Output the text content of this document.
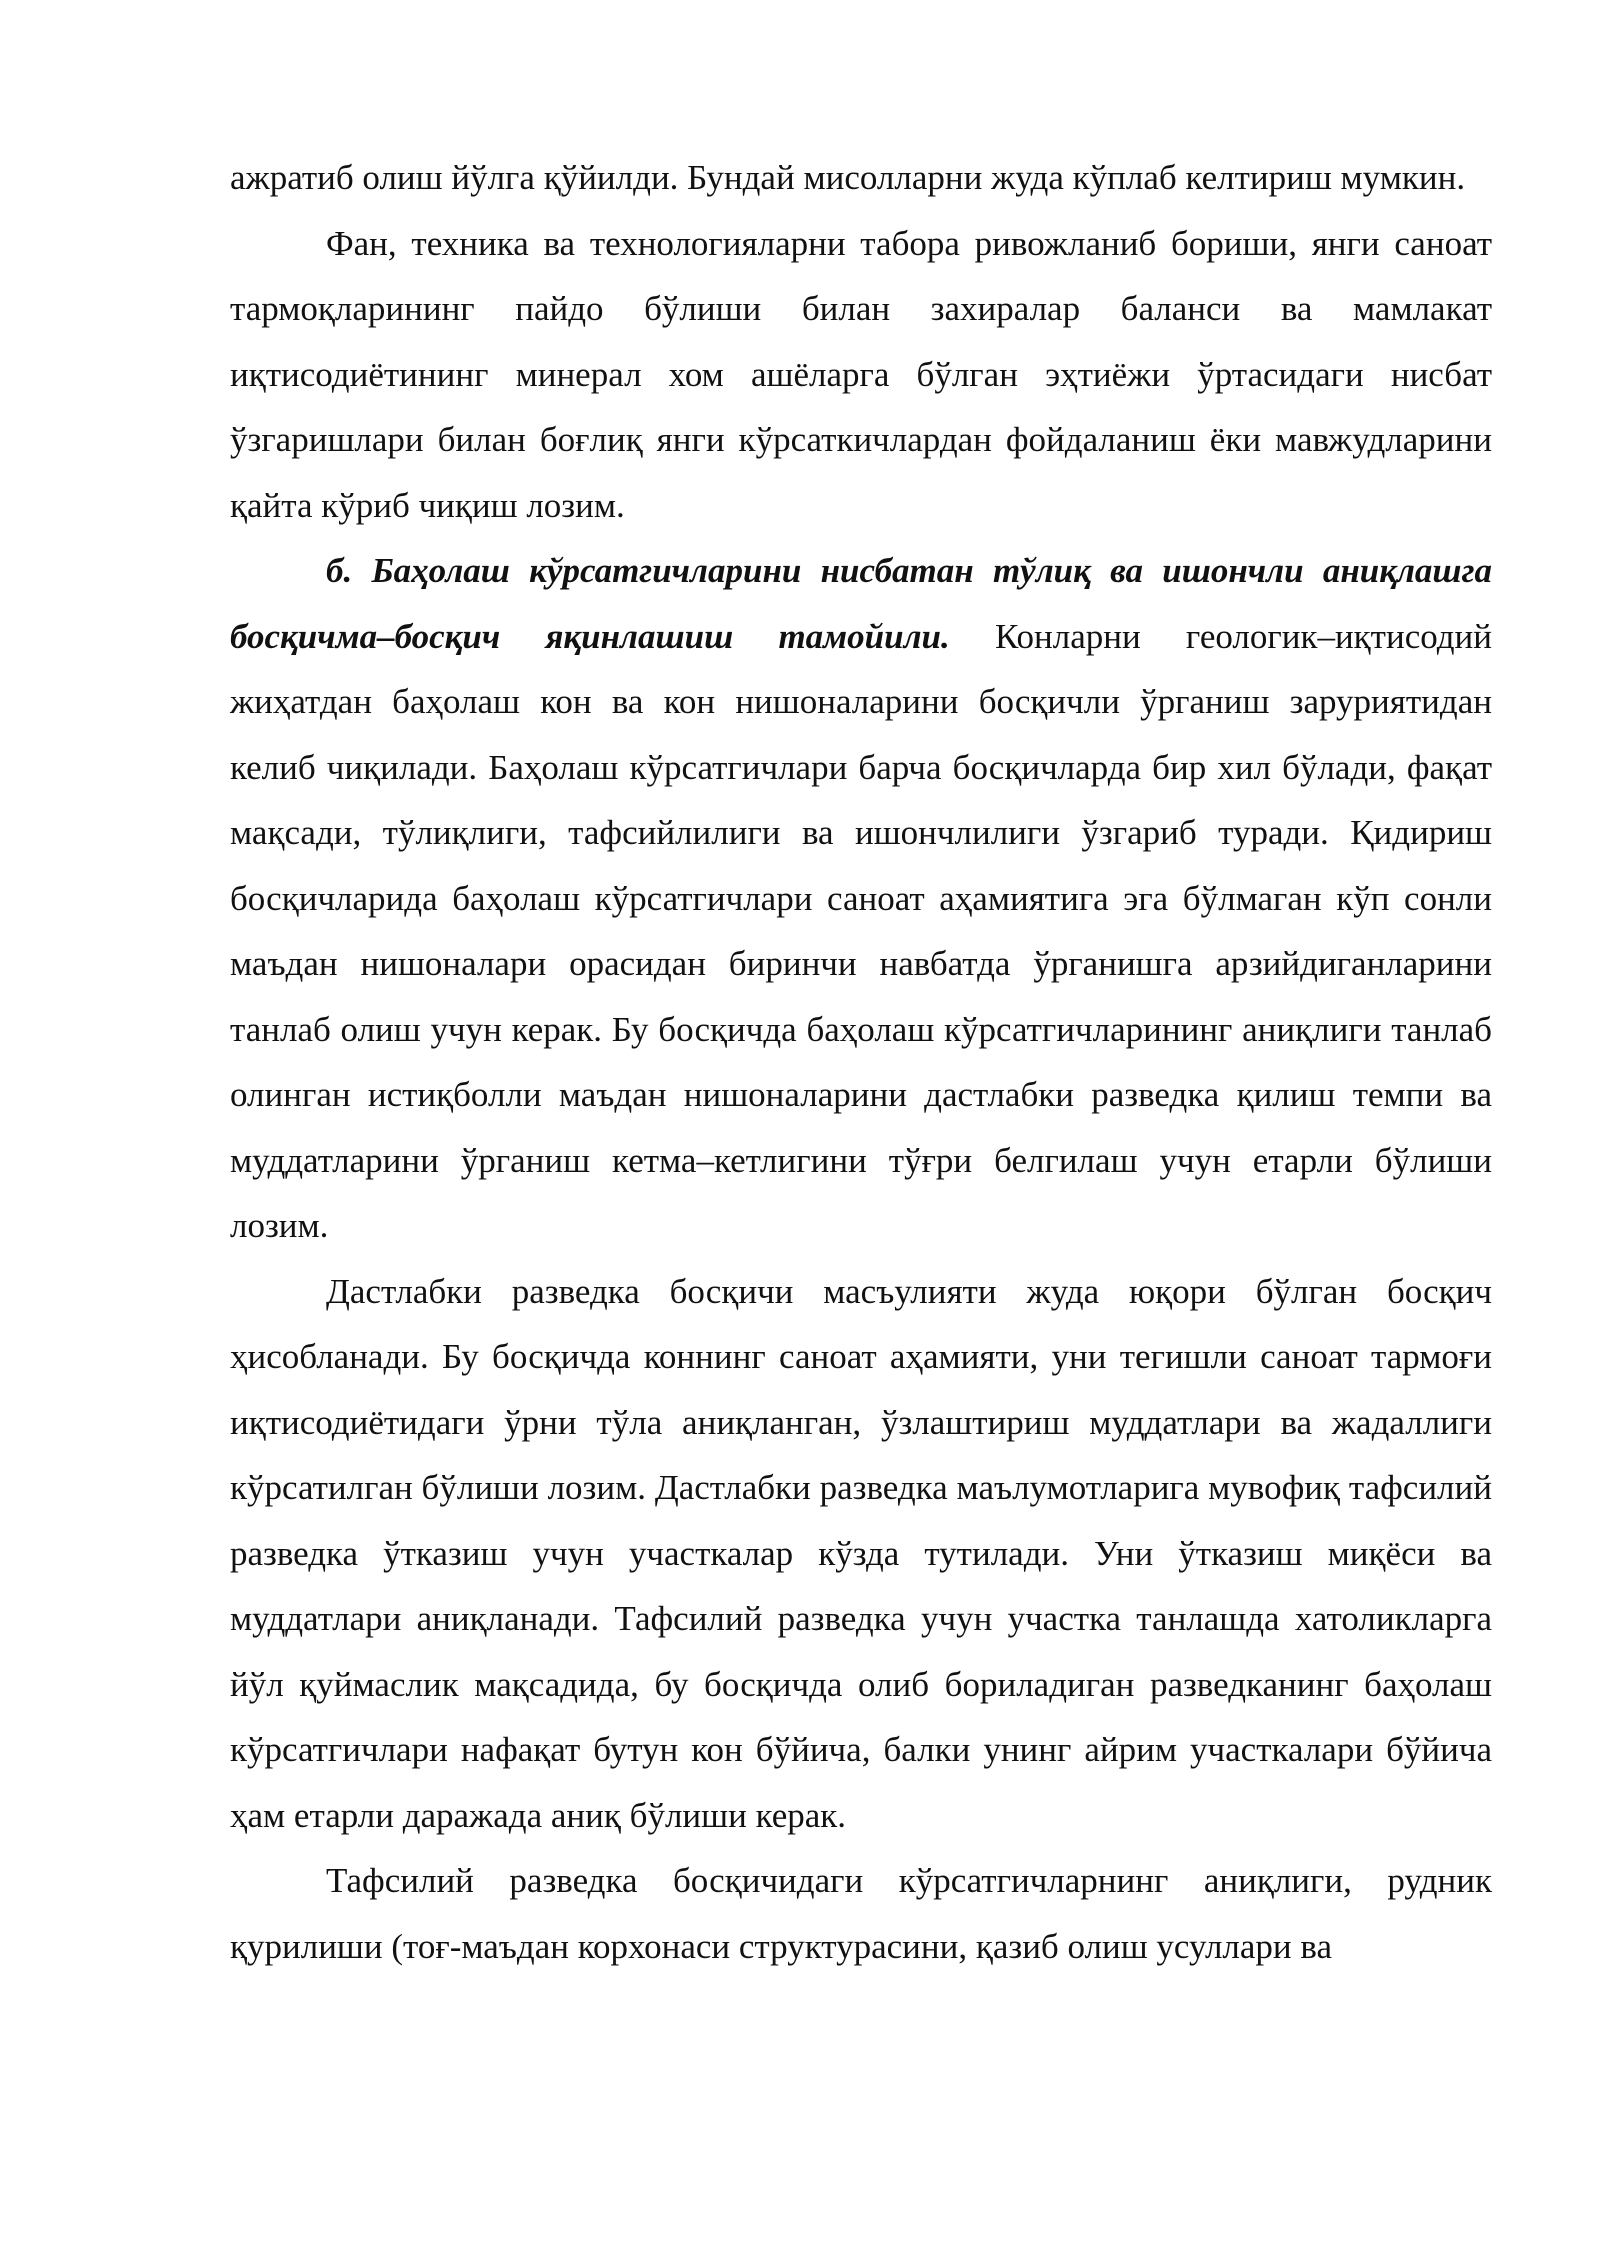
ажратиб олиш йўлга қўйилди. Бундай мисолларни жуда кўплаб келтириш мумкин.

Фан, техника ва технологияларни табора ривожланиб бориши, янги саноат тармоқларининг пайдо бўлиши билан захиралар баланси ва мамлакат иқтисодиётининг минерал хом ашёларга бўлган эҳтиёжи ўртасидаги нисбат ўзгаришлари билан боғлиқ янги кўрсаткичлардан фойдаланиш ёки мавжудларини қайта кўриб чиқиш лозим.

б. Баҳолаш кўрсатгичларини нисбатан тўлиқ ва ишончли аниқлашга босқичма–босқич яқинлашиш тамойили. Конларни геологик–иқтисодий жиҳатдан баҳолаш кон ва кон нишоналарини босқичли ўрганиш заруриятидан келиб чиқилади. Баҳолаш кўрсатгичлари барча босқичларда бир хил бўлади, фақат мақсади, тўлиқлиги, тафсийлилиги ва ишончлилиги ўзгариб туради. Қидириш босқичларида баҳолаш кўрсатгичлари саноат аҳамиятига эга бўлмаган кўп сонли маъдан нишоналари орасидан биринчи навбатда ўрганишга арзийдиганларини танлаб олиш учун керак. Бу босқичда баҳолаш кўрсатгичларининг аниқлиги танлаб олинган истиқболли маъдан нишоналарини дастлабки разведка қилиш темпи ва муддатларини ўрганиш кетма–кетлигини тўғри белгилаш учун етарли бўлиши лозим.

Дастлабки разведка босқичи масъулияти жуда юқори бўлган босқич ҳисобланади. Бу босқичда коннинг саноат аҳамияти, уни тегишли саноат тармоғи иқтисодиётидаги ўрни тўла аниқланган, ўзлаштириш муддатлари ва жадаллиги кўрсатилган бўлиши лозим. Дастлабки разведка маълумотларига мувофиқ тафсилий разведка ўтказиш учун участкалар кўзда тутилади. Уни ўтказиш миқёси ва муддатлари аниқланади. Тафсилий разведка учун участка танлашда хатоликларга йўл қуймаслик мақсадида, бу босқичда олиб бориладиган разведканинг баҳолаш кўрсатгичлари нафақат бутун кон бўйича, балки унинг айрим участкалари бўйича ҳам етарли даражада аниқ бўлиши керак.

Тафсилий разведка босқичидаги кўрсатгичларнинг аниқлиги, рудник қурилиши (тоғ-маъдан корхонаси структурасини, қазиб олиш усуллари ва
